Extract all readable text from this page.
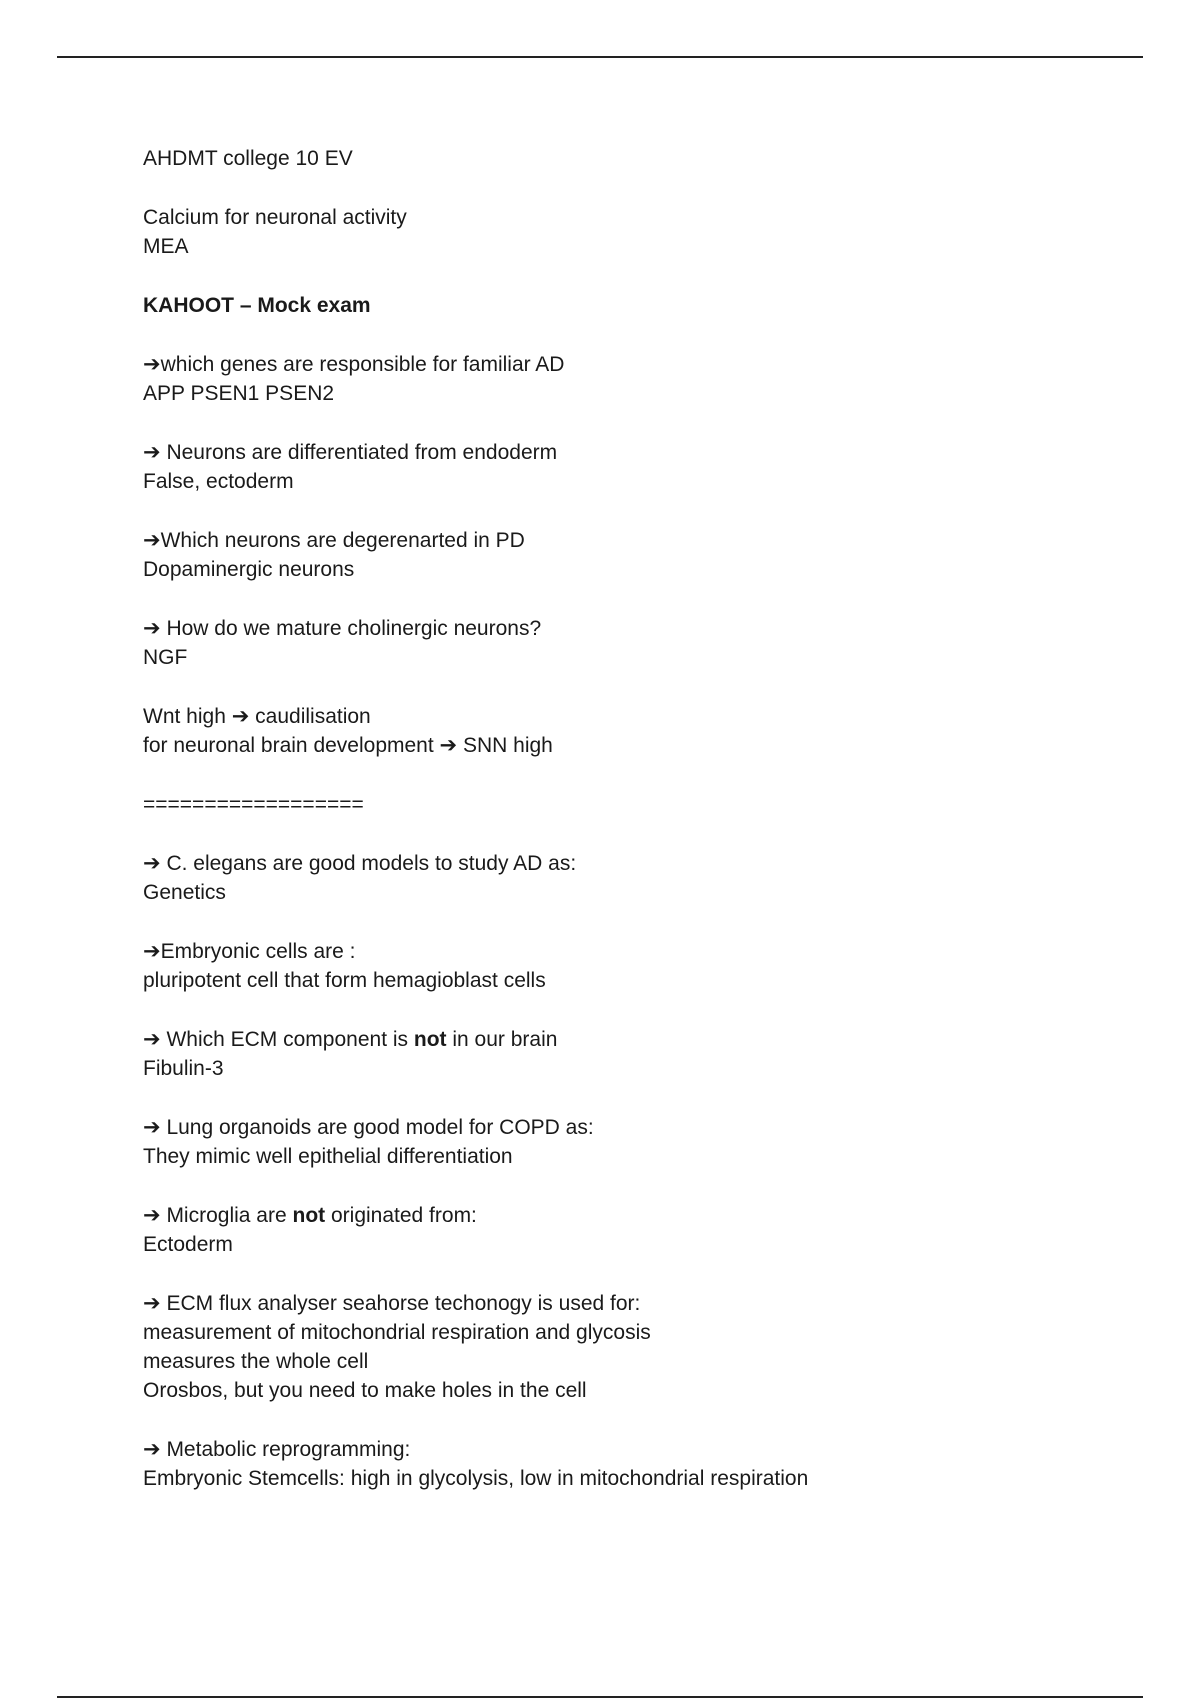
AHDMT college 10 EV
Calcium for neuronal activity
MEA
KAHOOT – Mock exam
➔which genes are responsible for familiar AD
APP PSEN1 PSEN2
➔ Neurons are differentiated from endoderm
False, ectoderm
➔Which neurons are degerenarted in PD
Dopaminergic neurons
➔ How do we mature cholinergic neurons?
NGF
Wnt high ➔ caudilisation
for neuronal brain development ➔ SNN high
==================
➔ C. elegans are good models to study AD as:
Genetics
➔Embryonic cells are :
pluripotent cell that form hemagioblast cells
➔ Which ECM component is not in our brain
Fibulin-3
➔ Lung organoids are good model for COPD as:
They mimic well epithelial differentiation
➔ Microglia are not originated from:
Ectoderm
➔ ECM flux analyser seahorse techonogy is used for:
measurement of mitochondrial respiration and glycosis
measures the whole cell
Orosbos, but you need to make holes in the cell
➔ Metabolic reprogramming:
Embryonic Stemcells: high in glycolysis, low in mitochondrial respiration
